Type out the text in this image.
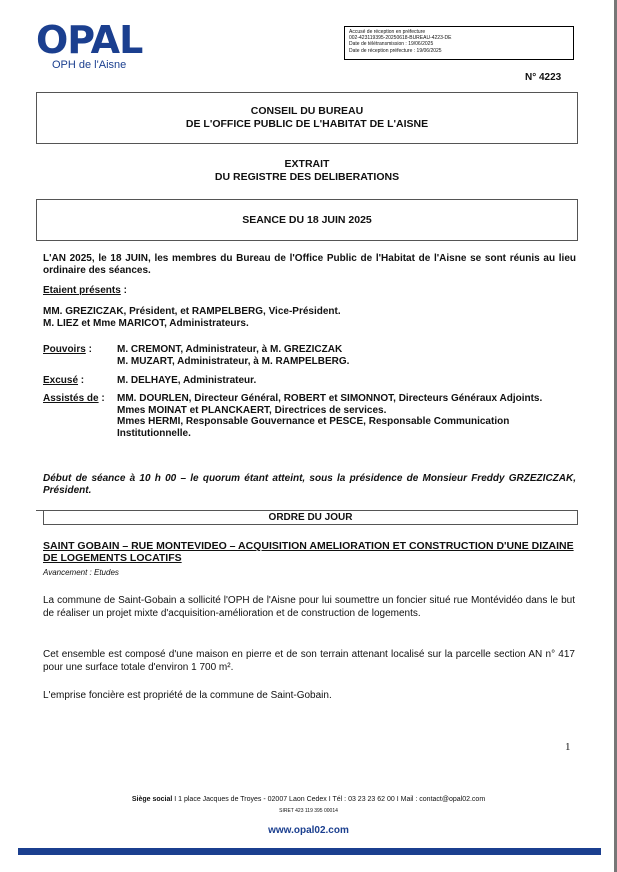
OPAL
OPH de l'Aisne
Accusé de réception en préfecture
002-423119395-20250618-BUREAU-4223-DE
Date de télétransmission : 19/06/2025
Date de réception préfecture : 19/06/2025
N° 4223
CONSEIL DU BUREAU
DE L'OFFICE PUBLIC DE L'HABITAT DE L'AISNE
EXTRAIT
DU REGISTRE DES DELIBERATIONS
SEANCE DU 18 JUIN 2025
L'AN 2025, le 18 JUIN, les membres du Bureau de l'Office Public de l'Habitat de l'Aisne se sont réunis au lieu ordinaire des séances.
Etaient présents :
MM. GREZICZAK, Président, et RAMPELBERG, Vice-Président.
M. LIEZ et Mme MARICOT, Administrateurs.
Pouvoirs :	M. CREMONT, Administrateur, à M. GREZICZAK
M. MUZART, Administrateur, à M. RAMPELBERG.
Excusé :	M. DELHAYE, Administrateur.
Assistés de : MM. DOURLEN, Directeur Général, ROBERT et SIMONNOT, Directeurs Généraux Adjoints.
Mmes MOINAT et PLANCKAERT, Directrices de services.
Mmes HERMI, Responsable Gouvernance et PESCE, Responsable Communication Institutionnelle.
Début de séance à 10 h 00 – le quorum étant atteint, sous la présidence de Monsieur Freddy GRZEZICZAK, Président.
ORDRE DU JOUR
SAINT GOBAIN – RUE MONTEVIDEO – ACQUISITION AMELIORATION ET CONSTRUCTION D'UNE DIZAINE DE LOGEMENTS LOCATIFS
Avancement : Etudes
La commune de Saint-Gobain a sollicité l'OPH de l'Aisne pour lui soumettre un foncier situé rue Montévidéo dans le but de réaliser un projet mixte d'acquisition-amélioration et de construction de logements.
Cet ensemble est composé d'une maison en pierre et de son terrain attenant localisé sur la parcelle section AN n° 417 pour une surface totale d'environ 1 700 m².
L'emprise foncière est propriété de la commune de Saint-Gobain.
1
Siège social I 1 place Jacques de Troyes - 02007 Laon Cedex I Tél : 03 23 23 62 00 I Mail : contact@opal02.com
SIRET 423 119 395 00014
www.opal02.com
